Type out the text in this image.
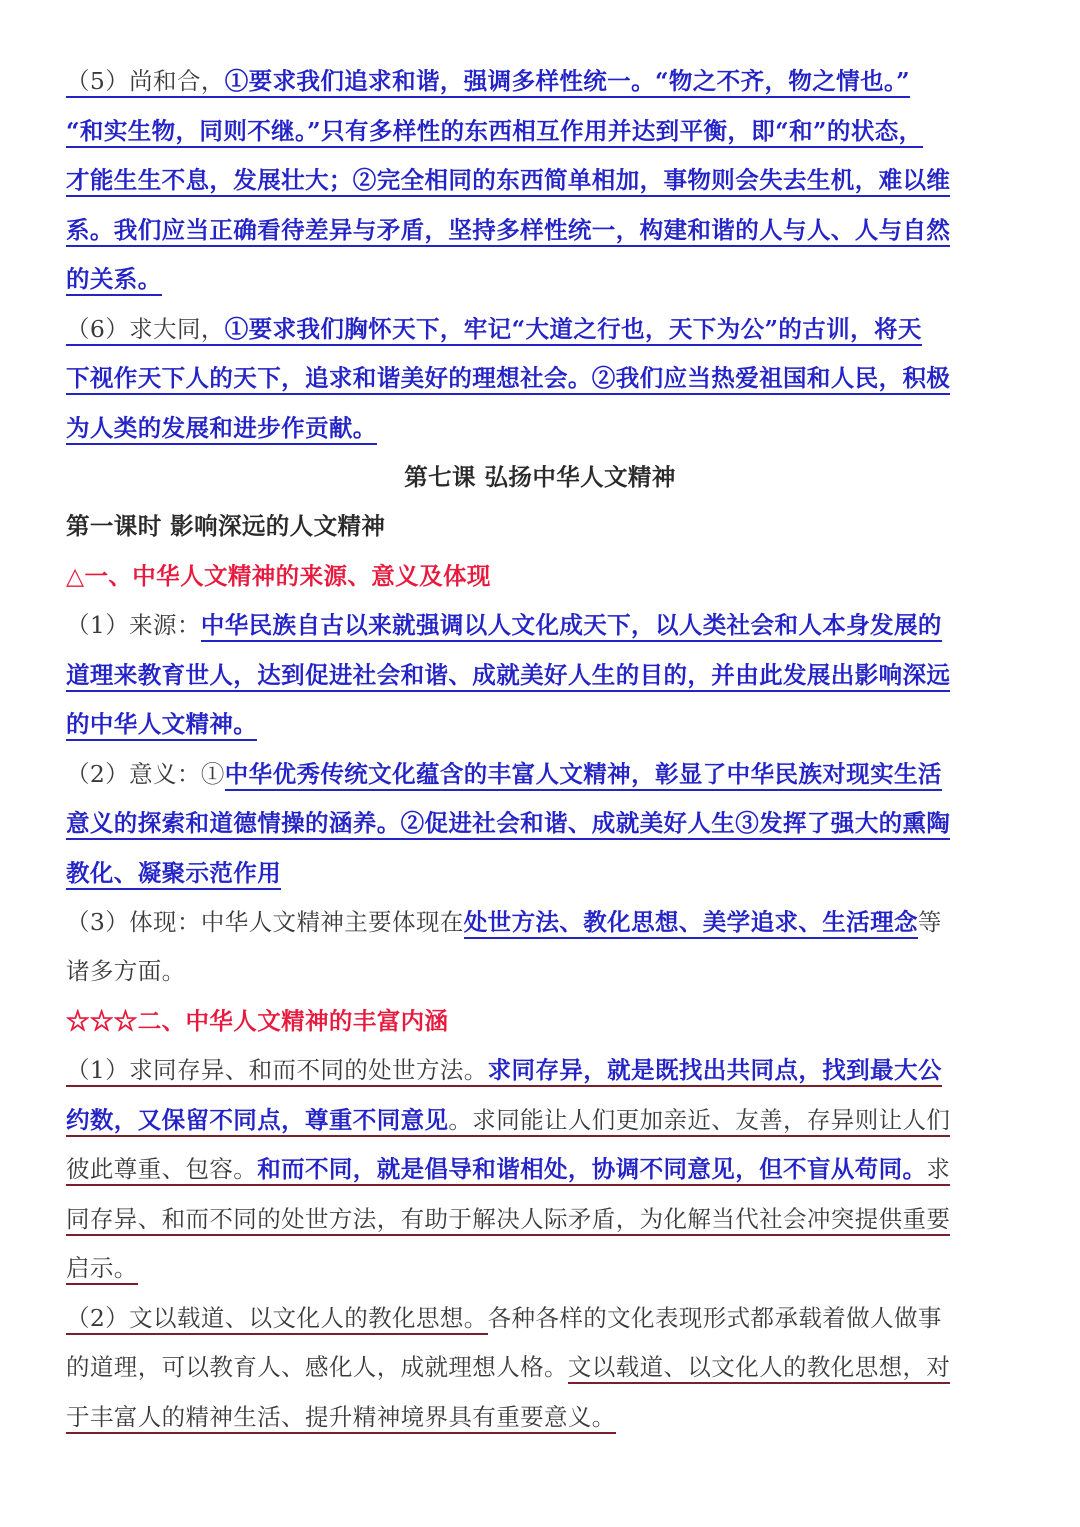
（5）尚和合，①要求我们追求和谐，强调多样性统一。“物之不齐，物之情也。”
“和实生物，同则不继。”只有多样性的东西相互作用并达到平衡，即“和”的状态，
才能生生不息，发展壮大；②完全相同的东西简单相加，事物则会失去生机，难以维
系。我们应当正确看待差异与矛盾，坚持多样性统一，构建和谐的人与人、人与自然
的关系。
（6）求大同，①要求我们胸怀天下，牢记“大道之行也，天下为公”的古训，将天
下视作天下人的天下，追求和谐美好的理想社会。②我们应当热爱祖国和人民，积极
为人类的发展和进步作贡献。
第七课 弘扬中华人文精神
第一课时 影响深远的人文精神
△一、中华人文精神的来源、意义及体现
（1）来源：中华民族自古以来就强调以人文化成天下，以人类社会和人本身发展的
道理来教育世人，达到促进社会和谐、成就美好人生的目的，并由此发展出影响深远
的中华人文精神。
（2）意义：①中华优秀传统文化蕴含的丰富人文精神，彰显了中华民族对现实生活
意义的探索和道德情操的涵养。②促进社会和谐、成就美好人生③发挥了强大的熏陶
教化、凝聚示范作用
（3）体现：中华人文精神主要体现在处世方法、教化思想、美学追求、生活理念等
诸多方面。
☆☆☆二、中华人文精神的丰富内涵
（1）求同存异、和而不同的处世方法。求同存异，就是既找出共同点，找到最大公
约数，又保留不同点，尊重不同意见。求同能让人们更加亲近、友善，存异则让人们
彼此尊重、包容。和而不同，就是倡导和谐相处，协调不同意见，但不盲从苟同。求
同存异、和而不同的处世方法，有助于解决人际矛盾，为化解当代社会冲突提供重要
启示。
（2）文以载道、以文化人的教化思想。各种各样的文化表现形式都承载着做人做事
的道理，可以教育人、感化人，成就理想人格。文以载道、以文化人的教化思想，对
于丰富人的精神生活、提升精神境界具有重要意义。
